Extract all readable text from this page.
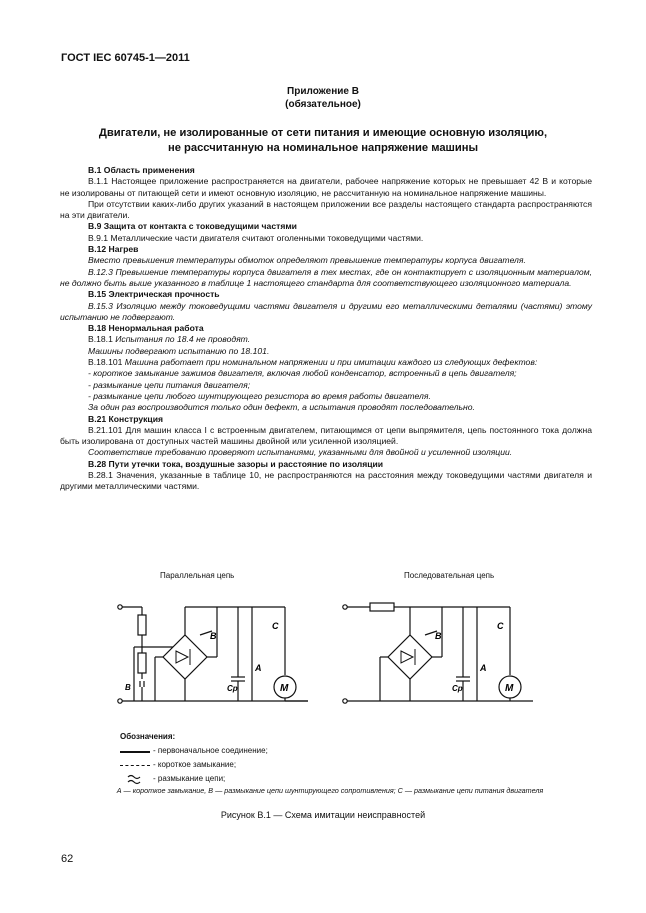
ГОСТ IEC 60745-1—2011
Приложение В
(обязательное)
Двигатели, не изолированные от сети питания и имеющие основную изоляцию,
не рассчитанную на номинальное напряжение машины

В.1 Область применения

В.1.1 Настоящее приложение распространяется на двигатели, рабочее напряжение которых не превышает 42 В и которые не изолированы от питающей сети и имеют основную изоляцию, не рассчитанную на номинальное напряжение машины.

При отсутствии каких-либо других указаний в настоящем приложении все разделы настоящего стандарта распространяются на эти двигатели.

В.9 Защита от контакта с токоведущими частями

В.9.1 Металлические части двигателя считают оголенными токоведущими частями.

В.12 Нагрев

Вместо превышения температуры обмоток определяют превышение температуры корпуса двигателя.

В.12.3 Превышение температуры корпуса двигателя в тех местах, где он контактирует с изоляционным материалом, не должно быть выше указанного в таблице 1 настоящего стандарта для соответствующего изоляционного материала.

В.15 Электрическая прочность

В.15.3 Изоляцию между токоведущими частями двигателя и другими его металлическими деталями (частями) этому испытанию не подвергают.

В.18 Ненормальная работа

В.18.1 Испытания по 18.4 не проводят.

Машины подвергают испытанию по 18.101.

В.18.101 Машина работает при номинальном напряжении и при имитации каждого из следующих дефектов:

- короткое замыкание зажимов двигателя, включая любой конденсатор, встроенный в цепь двигателя;

- размыкание цепи питания двигателя;

- размыкание цепи любого шунтирующего резистора во время работы двигателя.

За один раз воспроизводится только один дефект, а испытания проводят последовательно.

В.21 Конструкция

В.21.101 Для машин класса I с встроенным двигателем, питающимся от цепи выпрямителя, цепь постоянного тока должна быть изолирована от доступных частей машины двойной или усиленной изоляцией.

Соответствие требованию проверяют испытаниями, указанными для двойной и усиленной изоляции.

В.28 Пути утечки тока, воздушные зазоры и расстояние по изоляции

В.28.1 Значения, указанные в таблице 10, не распространяются на расстояния между токоведущими частями двигателя и другими металлическими частями.

Параллельная цепь	Последовательная цепь
В
С
А
Cp	M
В
В
С
А
Cp	M
Обозначения:
- первоначальное соединение;
- короткое замыкание;
- размыкание цепи;
А — короткое замыкание, В — размыкание цепи шунтирующего сопротивления; С — размыкание цепи питания двигателя
Рисунок В.1 — Схема имитации неисправностей
62
